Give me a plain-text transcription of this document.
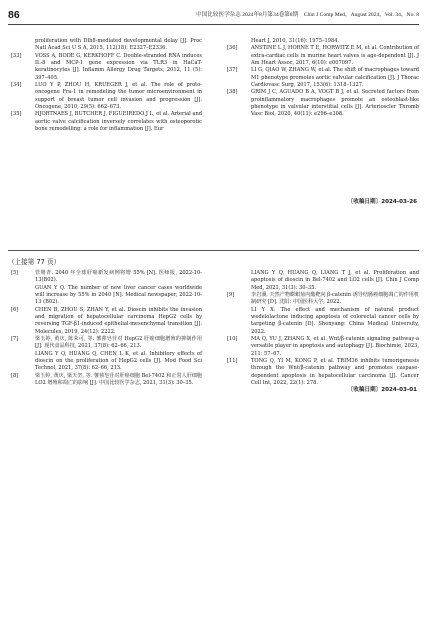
86	中国比较医学杂志 2024年8月第34卷第8期　Chin J Comp Med，August 2024，Vol. 34，No. 8
proliferation with Dlh8-mediated developmental delay [J]. Proc Natl Acad Sci U S A, 2015, 112(18): E2327–E2336.
[33]	VOSS A, BODE G, KERKHOFF C. Double-stranded RNA induces IL-8 and MCP-1 gene expression via TLR3 in HaCaT-keratinocytes [J]. Inflamm Allergy Drug Targets, 2012, 11 (5): 397–405.
[34]	LUO Y P, ZHOU H, KRUEGER J, et al. The role of proto-oncogene Fra-1 in remodeling the tumor microenvironment in support of breast tumor cell invasion and progression [J]. Oncogene, 2010, 29(5): 662–673.
[35]	HJORTNAES J, BUTCHER J, FIGUEIREDO J L, et al. Arterial and aortic valve calcification inversely correlates with osteoporotic bone remodelling: a role for inflammation [J]. Eur
Heart J, 2010, 31(16): 1975–1984.
[36]	ANSTINE L J, HORNE T E, HORWITZ E M, et al. Contribution of extra-cardiac cells in murine heart valves is age-dependent [J]. J Am Heart Assoc, 2017, 6(10): e007097.
[37]	LI G, QIAO W, ZHANG W, et al. The shift of macrophages toward M1 phenotype promotes aortic valvular calcification [J]. J Thorac Cardiovasc Surg, 2017, 153(6): 1318–1327.
[38]	GRIM J C, AGUADO B A, VOGT B J, et al. Secreted factors from proinflammatory macrophages promote an osteoblast-like phenotype in valvular interstitial cells [J]. Arterioscler Thromb Vasc Biol, 2020, 40(11): e296–e308.
〔收稿日期〕2024-03-26
（上接第 77 页）
[5]	管掰青. 2040 年全球肝癌新发病例将增 55% [N]. 医师报, 2022-10-13(B02).
GUAN Y Q. The number of new liver cancer cases worldwide will increase by 55% in 2040 [N]. Medical newspaper, 2022-10-13 (B02).
[6]	CHEN B, ZHOU S, ZHAN Y, et al. Dioscin inhibits the invasion and migration of hepatocellular carcinoma HepG2 cells by reversing TGF-β1-induced epithelial-mesenchymal transition [J]. Molecules, 2019, 24(12): 2222.
[7]	梁玉婷, 黄庆, 陈荣可, 等. 薯蓣皂苷对 HepG2 肝癌细胞增殖的抑制作用 [J]. 现代食品科技, 2021, 37(8): 62–66, 213.
LIANG Y Q, HUANG Q, CHEN L K, et al. Inhibitory effects of dioscin on the proliferation of HepG2 cells [J]. Mod Food Sci Technol, 2021, 37(8): 62–66, 213.
[8]	梁玉婷, 黄庆, 梁天坚, 等. 薯蓣皂苷对肝癌细胞 Bel-7402 和正常人肝细胞 LO2 增殖和凋亡的影响 [J]. 中国比较医学杂志, 2021, 31(3): 30–35.
LIANG Y Q, HUANG Q, LIANG T J, et al. Proliferation and apoptosis of dioscin in Bel-7402 and LO2 cells [J]. Chin J Comp Med, 2021, 31(3): 30–35.
[9]	李岩溪. 天然产物蟛蜞菊内酯靶向 β-catenin 诱导结肠癌细胞凋亡的作用机制研究 [D]. 沈阳: 中国医科大学, 2022.
LI Y X. The effect and mechanism of natural product wedelolactone inducing apoptosis of colorectal cancer cells by targeting β-catenin [D]. Shenyang: China Medical University, 2022.
[10]	MA Q, YU J, ZHANG X, et al. Wnt/β-catenin signaling pathway-a versatile player in apoptosis and autophagy [J]. Biochimie, 2023, 211: 57–67.
[11]	TONG Q, YI M, KONG P, et al. TRIM36 inhibits tumorigenesis through the Wnt/β-catenin pathway and promotes caspase-dependent apoptosis in hepatocellular carcinoma [J]. Cancer Cell Int, 2022, 22(1): 278.
〔收稿日期〕2024-03-01
